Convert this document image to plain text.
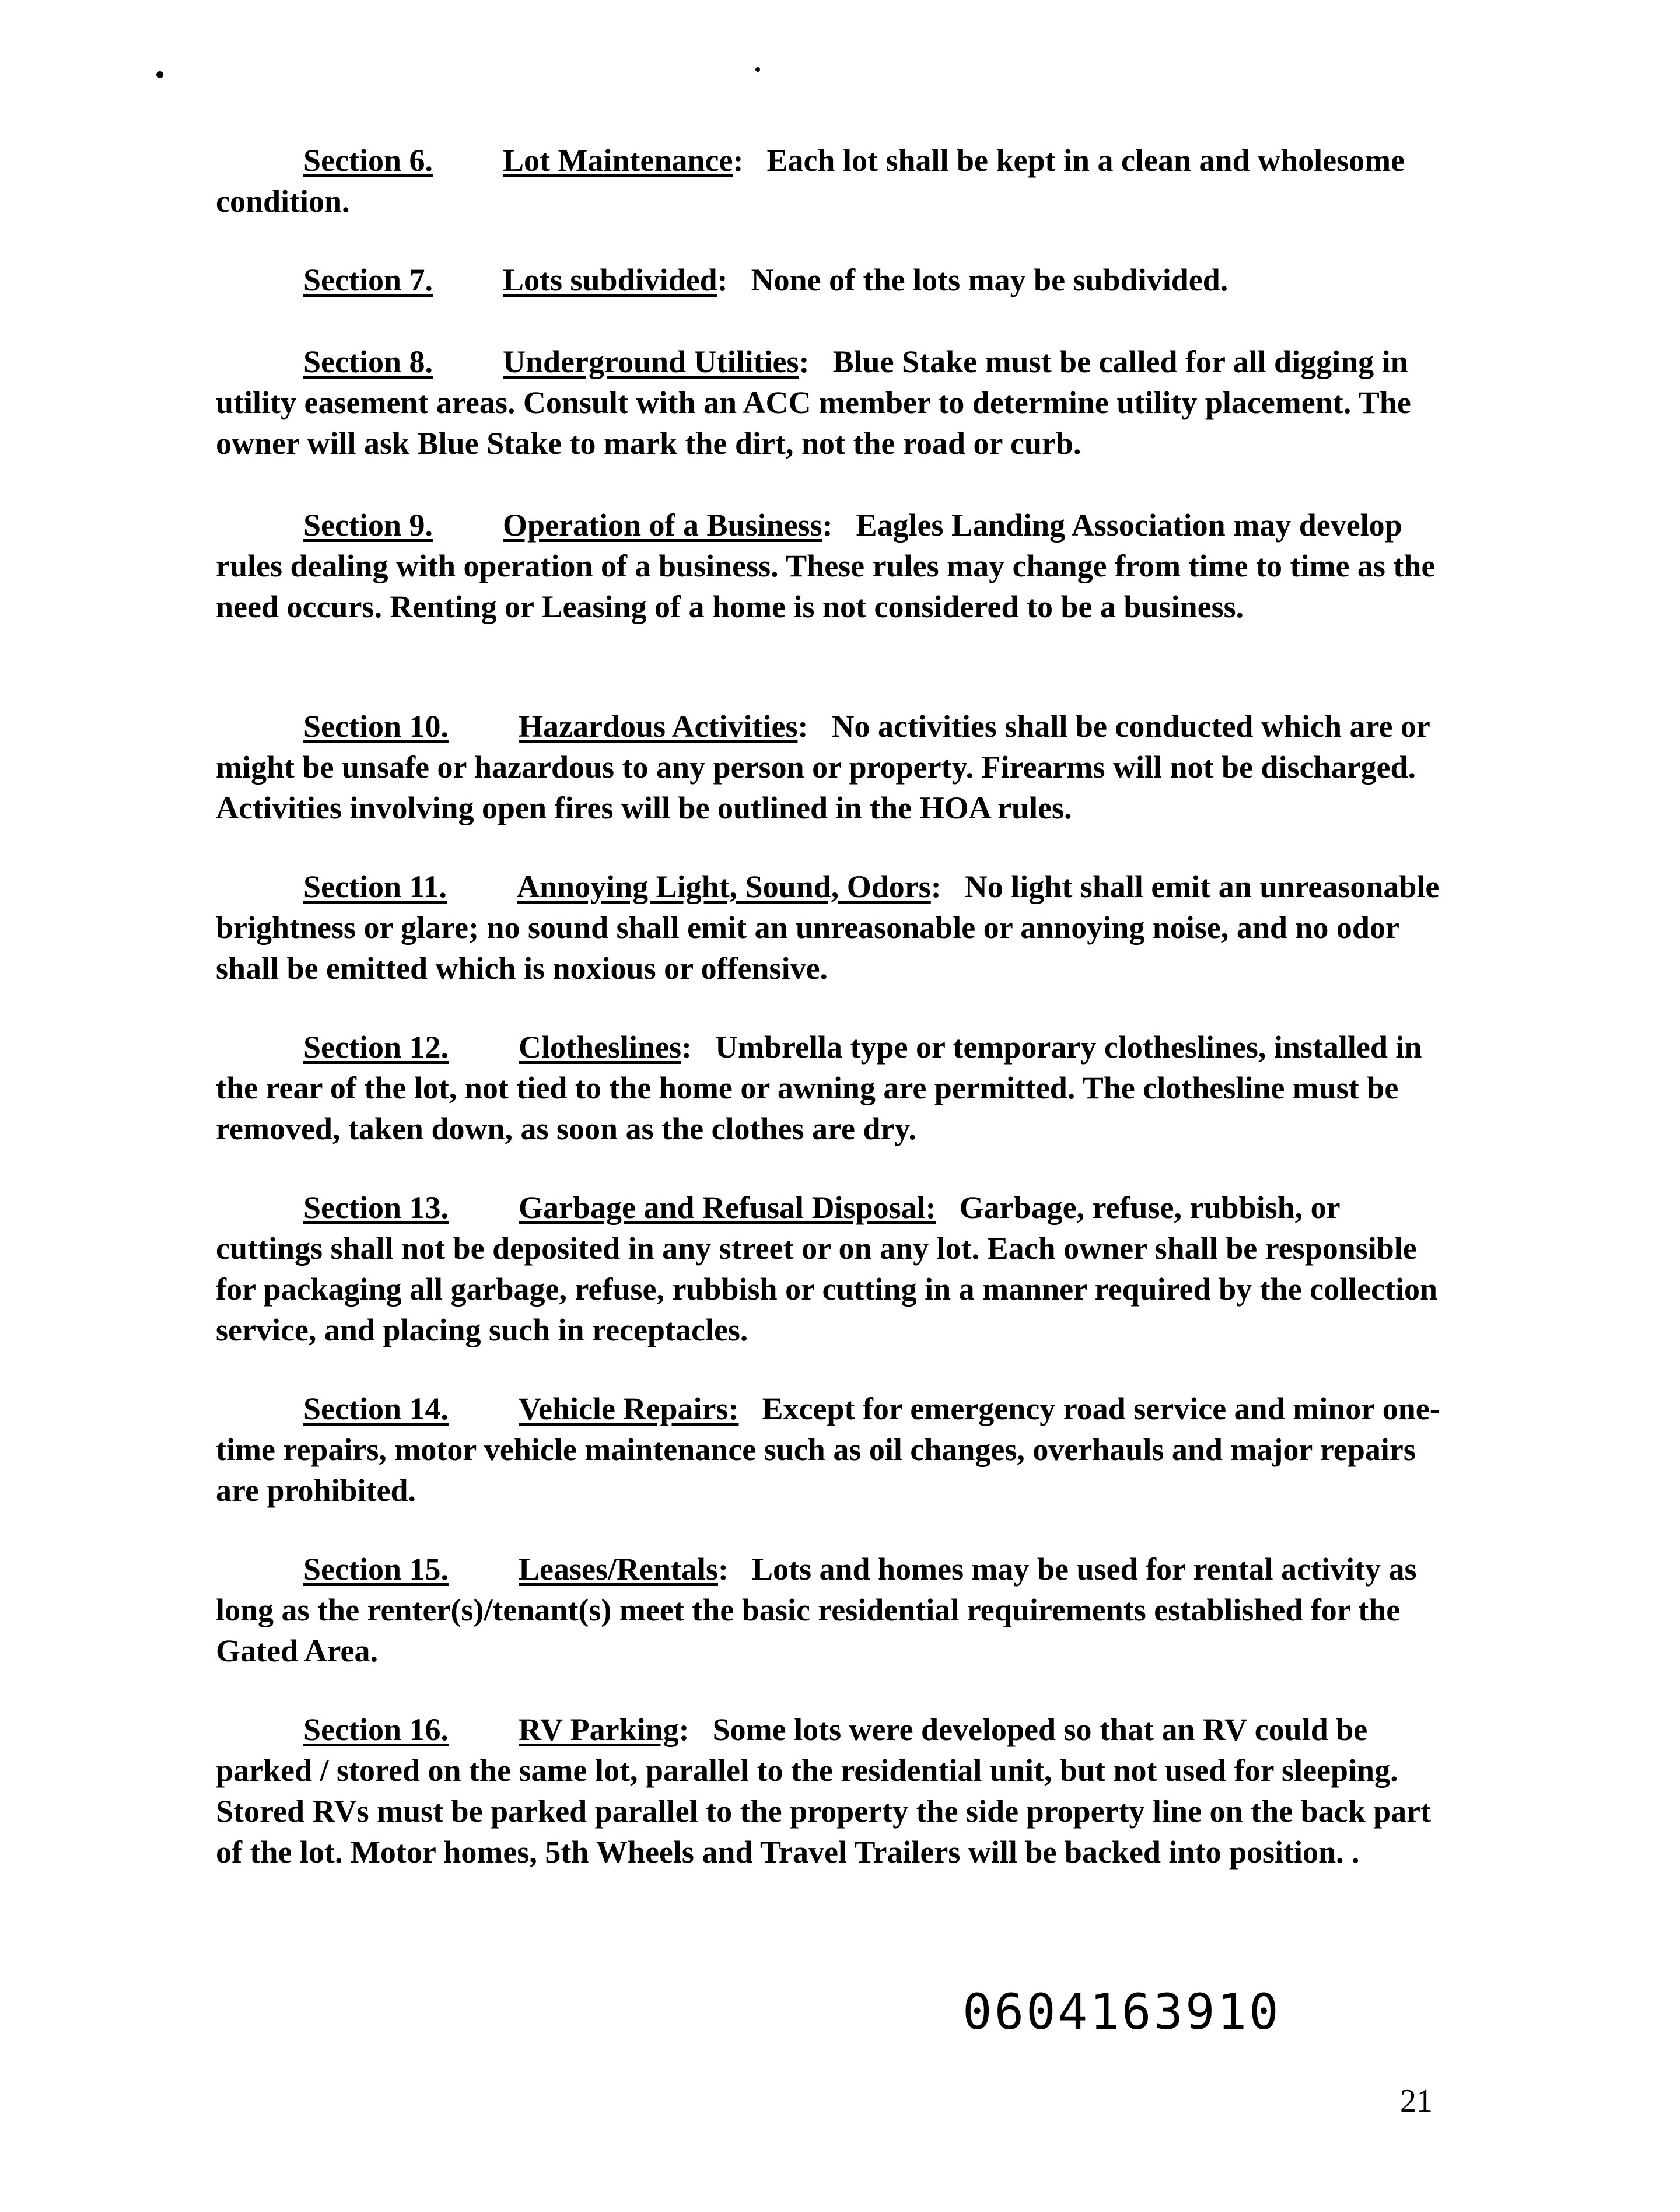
Section 6. Lot Maintenance: Each lot shall be kept in a clean and wholesome condition.
Section 7. Lots subdivided: None of the lots may be subdivided.
Section 8. Underground Utilities: Blue Stake must be called for all digging in utility easement areas. Consult with an ACC member to determine utility placement. The owner will ask Blue Stake to mark the dirt, not the road or curb.
Section 9. Operation of a Business: Eagles Landing Association may develop rules dealing with operation of a business. These rules may change from time to time as the need occurs. Renting or Leasing of a home is not considered to be a business.
Section 10. Hazardous Activities: No activities shall be conducted which are or might be unsafe or hazardous to any person or property. Firearms will not be discharged. Activities involving open fires will be outlined in the HOA rules.
Section 11. Annoying Light, Sound, Odors: No light shall emit an unreasonable brightness or glare; no sound shall emit an unreasonable or annoying noise, and no odor shall be emitted which is noxious or offensive.
Section 12. Clotheslines: Umbrella type or temporary clotheslines, installed in the rear of the lot, not tied to the home or awning are permitted. The clothesline must be removed, taken down, as soon as the clothes are dry.
Section 13. Garbage and Refusal Disposal: Garbage, refuse, rubbish, or cuttings shall not be deposited in any street or on any lot. Each owner shall be responsible for packaging all garbage, refuse, rubbish or cutting in a manner required by the collection service, and placing such in receptacles.
Section 14. Vehicle Repairs: Except for emergency road service and minor one-time repairs, motor vehicle maintenance such as oil changes, overhauls and major repairs are prohibited.
Section 15. Leases/Rentals: Lots and homes may be used for rental activity as long as the renter(s)/tenant(s) meet the basic residential requirements established for the Gated Area.
Section 16. RV Parking: Some lots were developed so that an RV could be parked / stored on the same lot, parallel to the residential unit, but not used for sleeping. Stored RVs must be parked parallel to the property the side property line on the back part of the lot. Motor homes, 5th Wheels and Travel Trailers will be backed into position. .
0604163910
21
